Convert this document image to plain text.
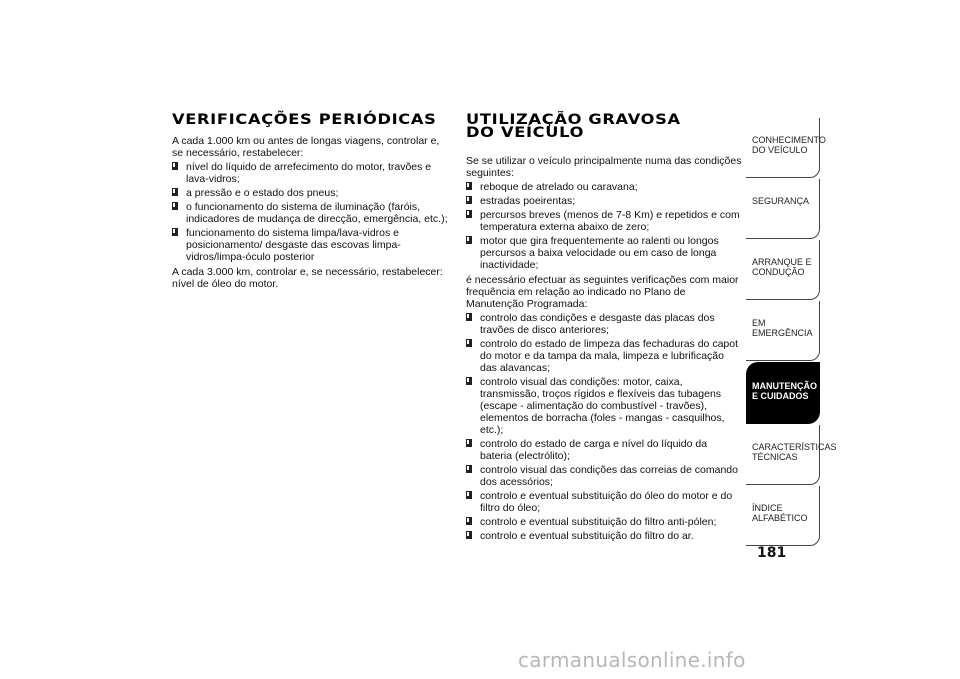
VERIFICAÇÕES PERIÓDICAS

A cada 1.000 km ou antes de longas viagens, controlar e, se necessário, restabelecer:

nível do líquido de arrefecimento do motor, travões e lava-vidros;
a pressão e o estado dos pneus;
o funcionamento do sistema de iluminação (faróis, indicadores de mudança de direcção, emergência, etc.);
funcionamento do sistema limpa/lava-vidros e posicionamento/ desgaste das escovas limpa-vidros/limpa-óculo posterior

A cada 3.000 km, controlar e, se necessário, restabelecer: nível de óleo do motor.

UTILIZAÇÃO GRAVOSA
DO VEÍCULO

Se se utilizar o veículo principalmente numa das condições seguintes:

reboque de atrelado ou caravana;
estradas poeirentas;
percursos breves (menos de 7-8 Km) e repetidos e com temperatura externa abaixo de zero;
motor que gira frequentemente ao ralenti ou longos percursos a baixa velocidade ou em caso de longa inactividade;

é necessário efectuar as seguintes verificações com maior frequência em relação ao indicado no Plano de Manutenção Programada:

controlo das condições e desgaste das placas dos travões de disco anteriores;
controlo do estado de limpeza das fechaduras do capot do motor e da tampa da mala, limpeza e lubrificação das alavancas;
controlo visual das condições: motor, caixa, transmissão, troços rígidos e flexíveis das tubagens (escape - alimentação do combustível - travões), elementos de borracha (foles - mangas - casquilhos, etc.);
controlo do estado de carga e nível do líquido da bateria (electrólito);
controlo visual das condições das correias de comando dos acessórios;
controlo e eventual substituição do óleo do motor e do filtro do óleo;
controlo e eventual substituição do filtro anti-pólen;
controlo e eventual substituição do filtro do ar.
CONHECIMENTO DO VEÍCULO
SEGURANÇA
ARRANQUE E CONDUÇÃO
EM EMERGÊNCIA
MANUTENÇÃO E CUIDADOS
CARACTERÍSTICAS TÉCNICAS
ÍNDICE ALFABÉTICO
181
carmanualsonline.info
